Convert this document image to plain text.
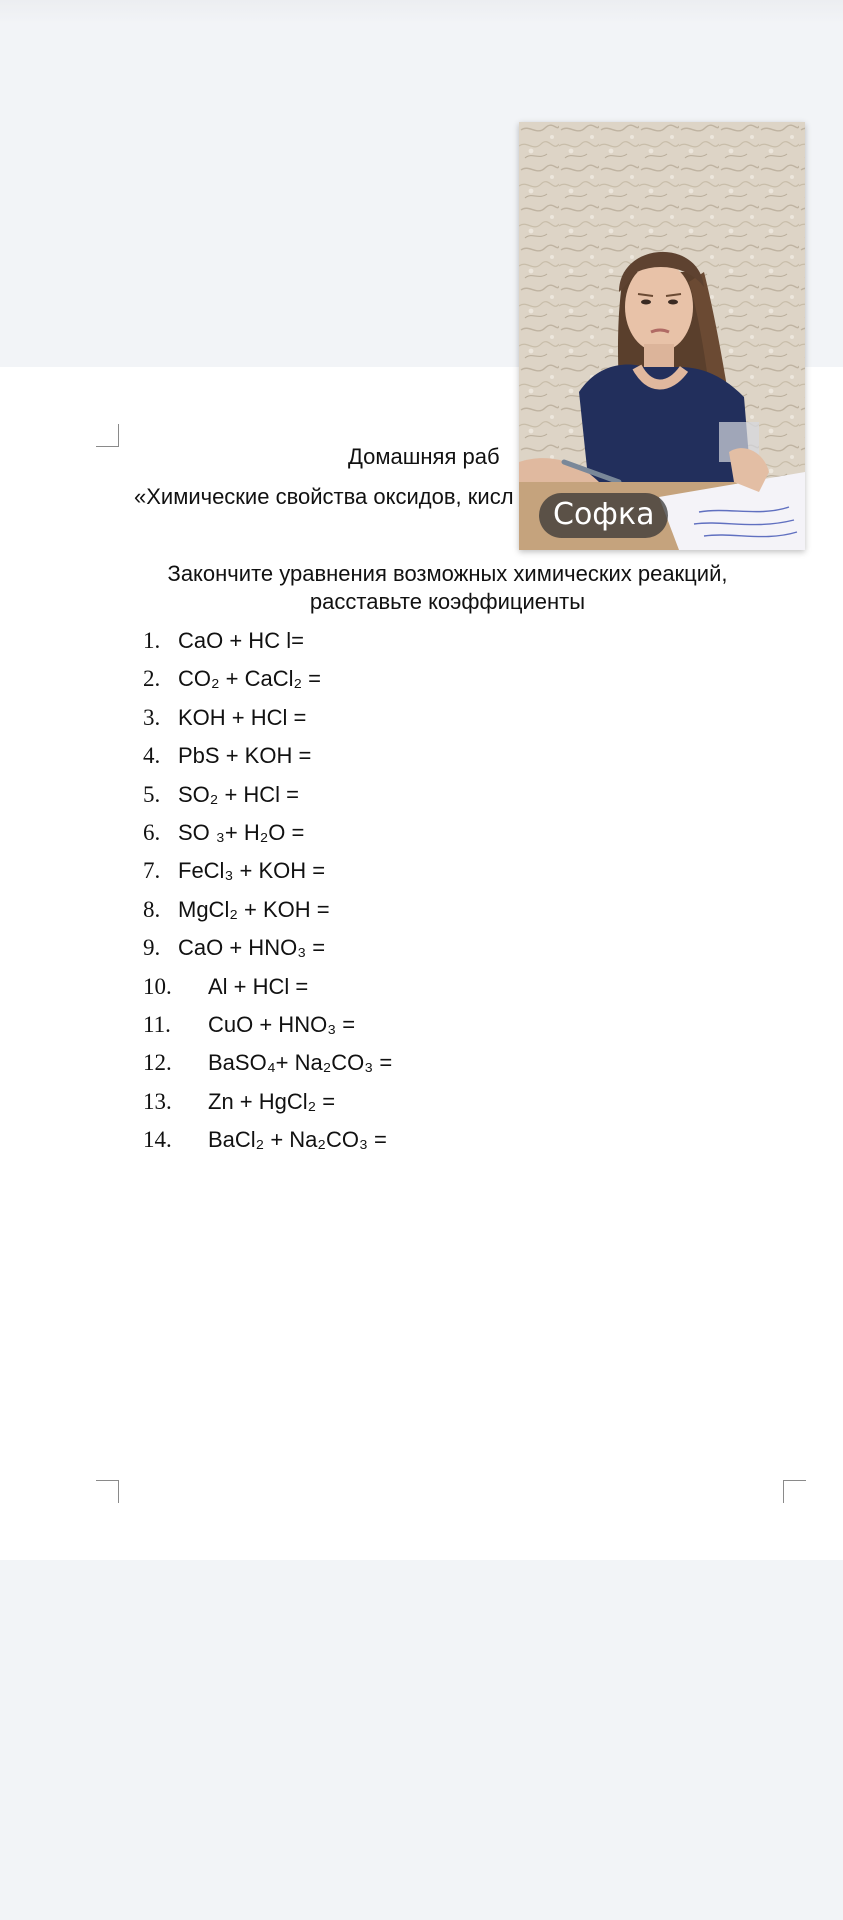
Домашняя раб
«Химические свойства оксидов, кисл
Закончите уравнения возможных химических реакций,
расставьте коэффициенты
1. CaO + HC l=
2. CO₂ + CaCl₂ =
3. KOH + HCl =
4. PbS + KOH =
5. SO₂ + HCl =
6. SO ₃+ H₂O =
7. FeCl₃ + KOH =
8. MgCl₂ + KOH =
9. CaO + HNO₃ =
10. Al + HCl =
11. CuO + HNO₃ =
12. BaSO₄+ Na₂CO₃ =
13. Zn + HgCl₂ =
14. BaCl₂ + Na₂CO₃ =
Софка
